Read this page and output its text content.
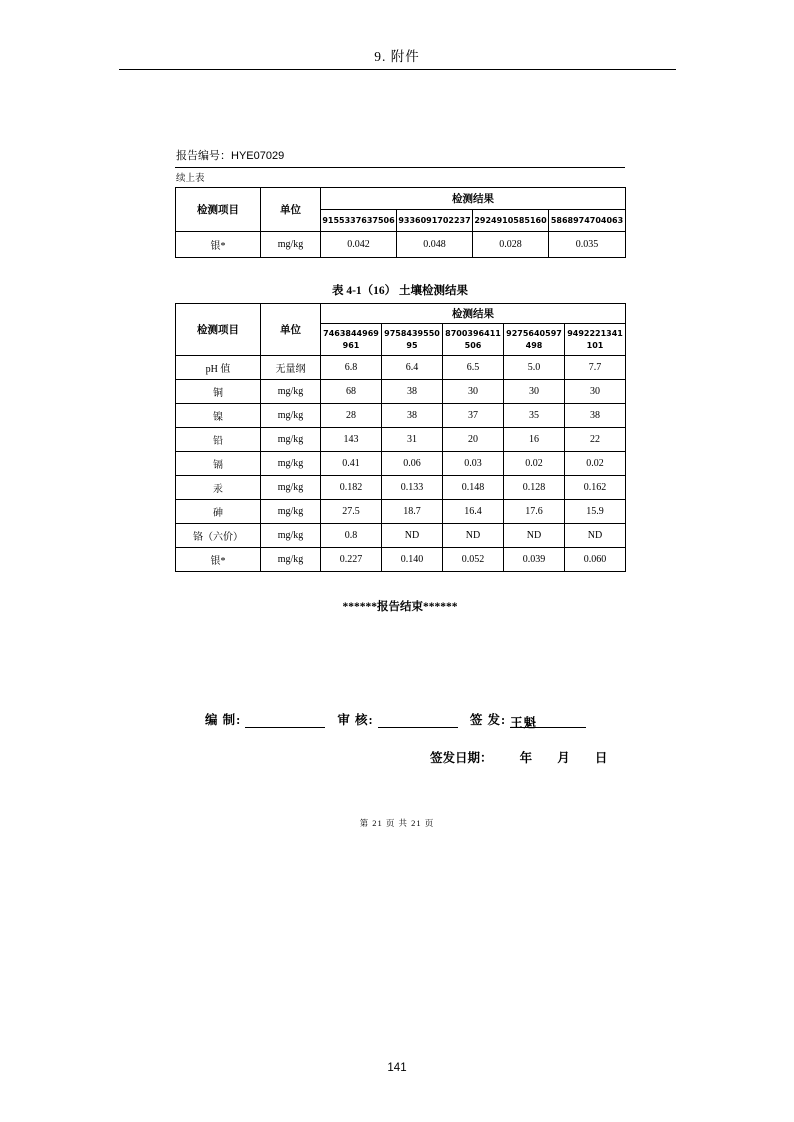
9. 附件
报告编号：HYE07029
续上表
检测项目	单位	检测结果			
		9155337637506	9336091702237	2924910585160	5868974704063
银*	mg/kg	0.042	0.048	0.028	0.035
表 4-1（16） 土壤检测结果
检测项目	单位	检测结果				
		7463844969961	975843955095	8700396411506	9275640597498	9492221341101
pH 值	无量纲	6.8	6.4	6.5	5.0	7.7
铜	mg/kg	68	38	30	30	30
镍	mg/kg	28	38	37	35	38
铅	mg/kg	143	31	20	16	22
镉	mg/kg	0.41	0.06	0.03	0.02	0.02
汞	mg/kg	0.182	0.133	0.148	0.128	0.162
砷	mg/kg	27.5	18.7	16.4	17.6	15.9
铬（六价）	mg/kg	0.8	ND	ND	ND	ND
银*	mg/kg	0.227	0.140	0.052	0.039	0.060
******报告结束******
编 制:	审 核:	签 发: 王魁
签发日期： 年 月 日
第 21 页 共 21 页
141
